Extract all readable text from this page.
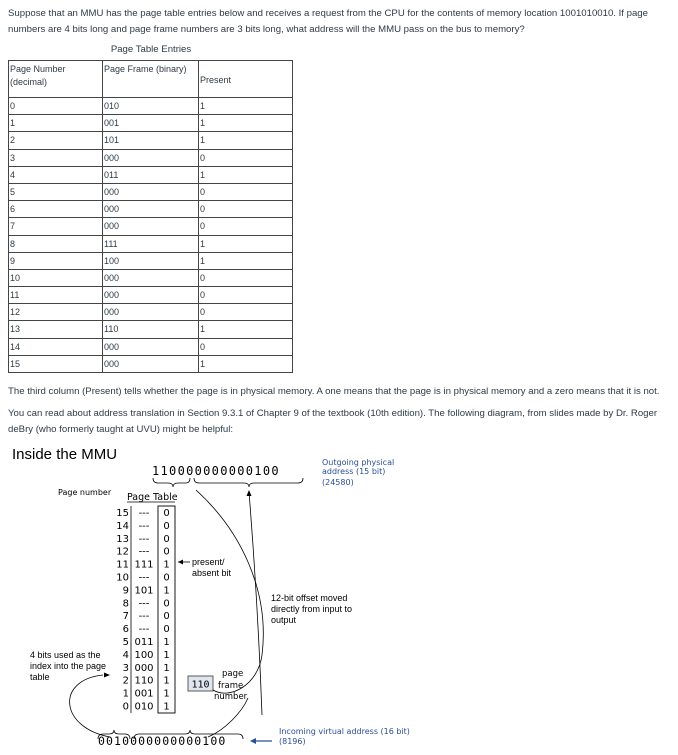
Suppose that an MMU has the page table entries below and receives a request from the CPU for the contents of memory location 1001010010. If page numbers are 4 bits long and page frame numbers are 3 bits long, what address will the MMU pass on the bus to memory?

Page Table Entries
Page Number (decimal)	Page Frame (binary)	Present
0	010	1
1	001	1
2	101	1
3	000	0
4	011	1
5	000	0
6	000	0
7	000	0
8	111	1
9	100	1
10	000	0
11	000	0
12	000	0
13	110	1
14	000	0
15	000	1

The third column (Present) tells whether the page is in physical memory. A one means that the page is in physical memory and a zero means that it is not.

You can read about address translation in Section 9.3.1 of Chapter 9 of the textbook (10th edition). The following diagram, from slides made by Dr. Roger deBry (who formerly taught at UVU) might be helpful:

Inside the MMU
110000000000100
Outgoing physical
address (15 bit)
(24580)
Page number Page Table
15 --- 0
14 --- 0
13 --- 0
12 --- 0
11 111 1
10 --- 0
9 101 1
8 --- 0
7 --- 0
6 --- 0
5 011 1
4 100 1
3 000 1
2 110 1
1 001 1
0 010 1
present/
absent bit
12-bit offset moved
directly from input to
output
4 bits used as the
index into the page
table
110
page
frame
number
0010000000000100
Incoming virtual address (16 bit)
(8196)
